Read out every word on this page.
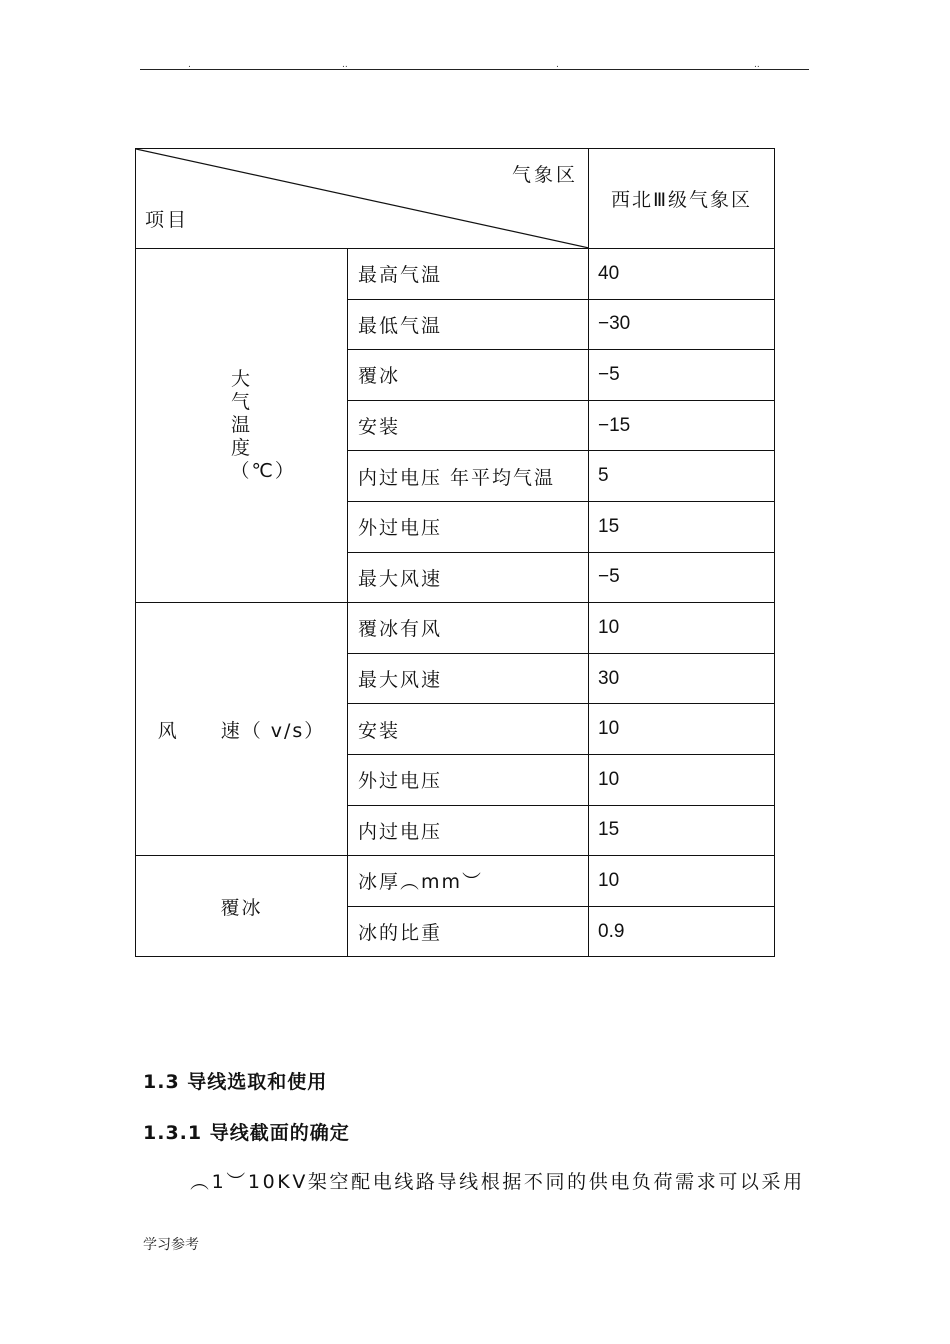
.	..	.	..
气象区
项目		西北Ⅲ级气象区
大气温度（℃）	最高气温	40
	最低气温	−30
	覆冰	−5
	安装	−15
	内过电压 年平均气温	5
	外过电压	15
	最大风速	−5
风　　速（ v/s）	覆冰有风	10
	最大风速	30
	安装	10
	外过电压	10
	内过电压	15
覆冰	冰厚︵mm︶	10
	冰的比重	0.9
1.3 导线选取和使用
1.3.1 导线截面的确定
︵1︶10KV架空配电线路导线根据不同的供电负荷需求可以采用
学习参考
